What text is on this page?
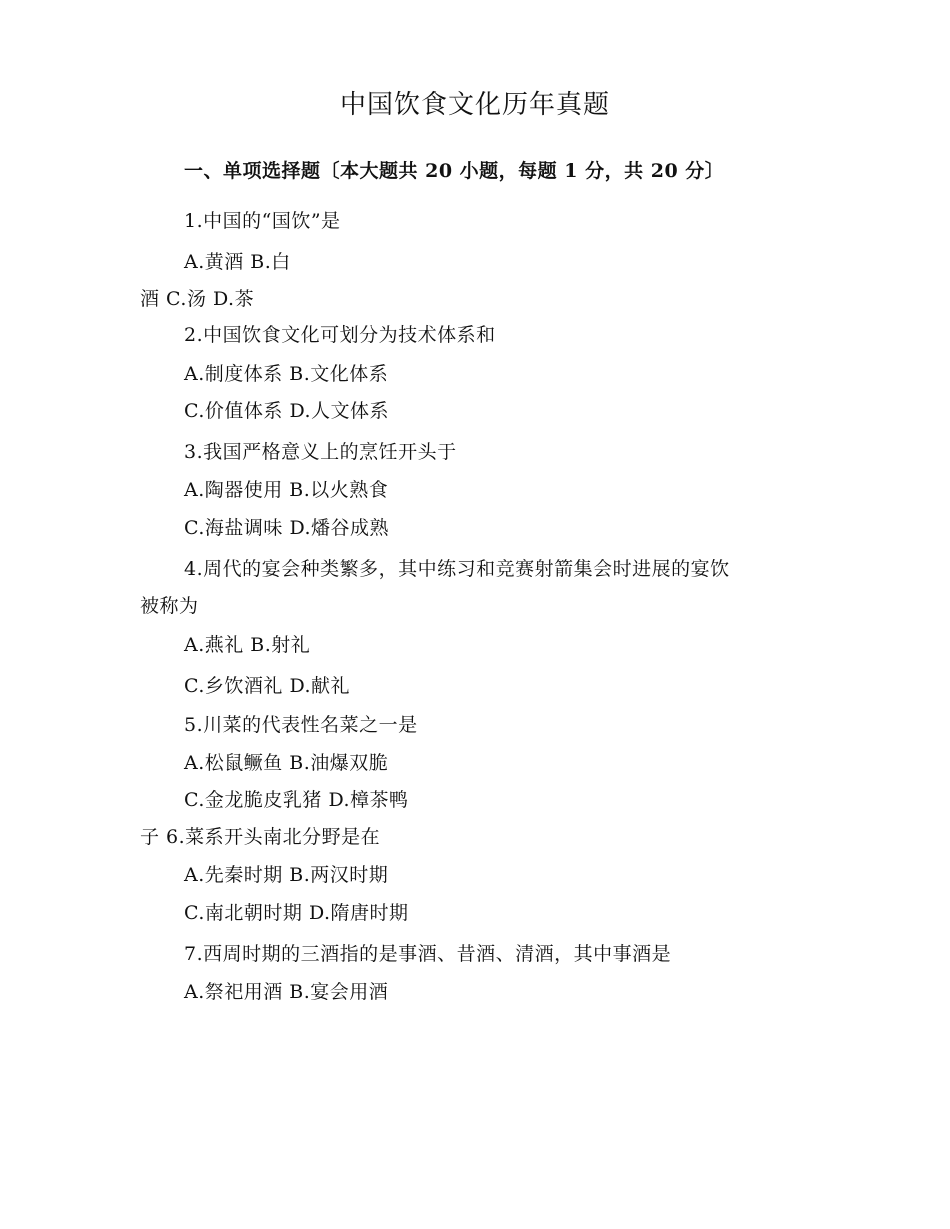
中国饮食文化历年真题
一、单项选择题〔本大题共 20 小题，每题 1 分，共 20 分〕
1.中国的“国饮”是
A.黄酒 B.白
酒 C.汤 D.茶
2.中国饮食文化可划分为技术体系和
A.制度体系 B.文化体系
C.价值体系 D.人文体系
3.我国严格意义上的烹饪开头于
A.陶器使用 B.以火熟食
C.海盐调味 D.燔谷成熟
4.周代的宴会种类繁多，其中练习和竞赛射箭集会时进展的宴饮
被称为
A.燕礼 B.射礼
C.乡饮酒礼 D.献礼
5.川菜的代表性名菜之一是
A.松鼠鳜鱼 B.油爆双脆
C.金龙脆皮乳猪 D.樟茶鸭
子 6.菜系开头南北分野是在
A.先秦时期 B.两汉时期
C.南北朝时期 D.隋唐时期
7.西周时期的三酒指的是事酒、昔酒、清酒，其中事酒是
A.祭祀用酒 B.宴会用酒
